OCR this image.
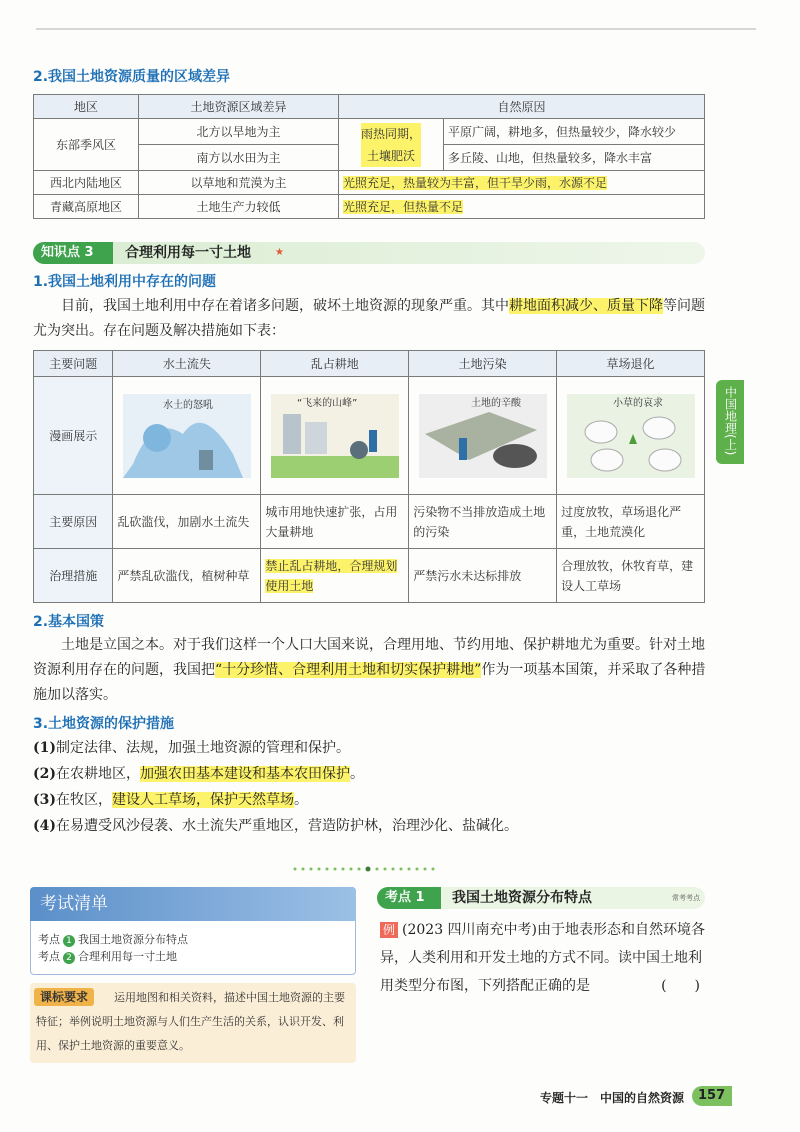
2.我国土地资源质量的区域差异
地区	土地资源区域差异	自然原因	
东部季风区	北方以旱地为主	雨热同期，土壤肥沃	平原广阔，耕地多，但热量较少，降水较少
	南方以水田为主		多丘陵、山地，但热量较多，降水丰富
西北内陆地区	以草地和荒漠为主	光照充足，热量较为丰富，但干旱少雨，水源不足	
青藏高原地区	土地生产力较低	光照充足，但热量不足	
知识点 3	合理利用每一寸土地 ★
1.我国土地利用中存在的问题
目前，我国土地利用中存在着诸多问题，破坏土地资源的现象严重。其中耕地面积减少、质量下降等问题尤为突出。存在问题及解决措施如下表：
主要问题	水土流失	乱占耕地	土地污染	草场退化
漫画展示	水土的怒吼	“飞来的山峰”	土地的辛酸	小草的哀求

主要原因	乱砍滥伐，加剧水土流失	城市用地快速扩张，占用大量耕地	污染物不当排放造成土地的污染	过度放牧，草场退化严重，土地荒漠化
治理措施	严禁乱砍滥伐，植树种草	禁止乱占耕地，合理规划使用土地	严禁污水未达标排放	合理放牧，休牧育草，建设人工草场
2.基本国策
土地是立国之本。对于我们这样一个人口大国来说，合理用地、节约用地、保护耕地尤为重要。针对土地资源利用存在的问题，我国把“十分珍惜、合理利用土地和切实保护耕地”作为一项基本国策，并采取了各种措施加以落实。
3.土地资源的保护措施
(1)制定法律、法规，加强土地资源的管理和保护。
(2)在农耕地区，加强农田基本建设和基本农田保护。
(3)在牧区，建设人工草场，保护天然草场。
(4)在易遭受风沙侵袭、水土流失严重地区，营造防护林，治理沙化、盐碱化。
中国地理(上)
考试清单
考点 1 我国土地资源分布特点
考点 2 合理利用每一寸土地
运用地图和相关资料，描述中国土地资源的主要特征；举例说明土地资源与人们生产生活的关系，认识开发、利用、保护土地资源的重要意义。
课标要求
考点 1	我国土地资源分布特点	常考考点
例 (2023 四川南充中考)由于地表形态和自然环境各异，人类利用和开发土地的方式不同。读中国土地利用类型分布图，下列搭配正确的是	(　　)
专题十一　中国的自然资源	157
